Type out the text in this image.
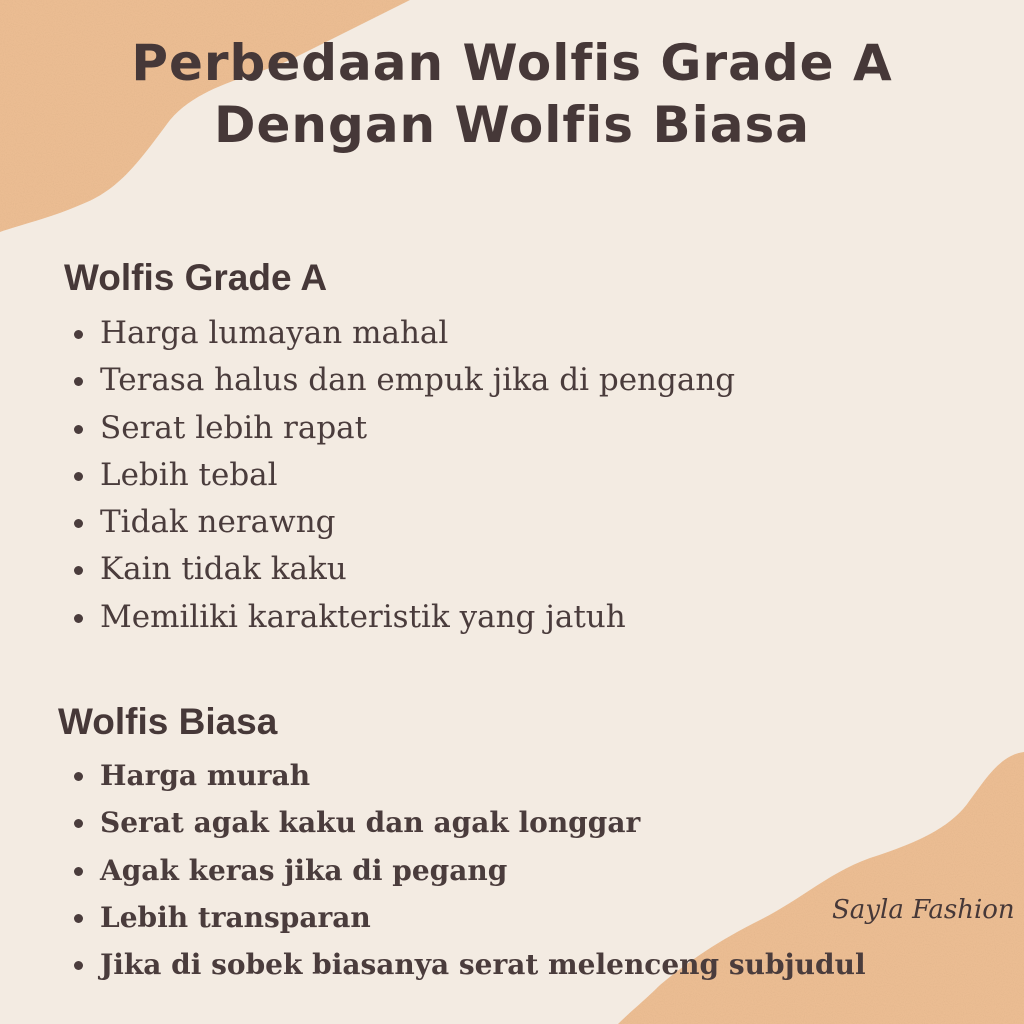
Perbedaan Wolfis Grade A
Dengan Wolfis Biasa
Wolfis Grade A
Harga lumayan mahal
Terasa halus dan empuk jika di pengang
Serat lebih rapat
Lebih tebal
Tidak nerawng
Kain tidak kaku
Memiliki karakteristik yang jatuh
Wolfis Biasa
Harga murah
Serat agak kaku dan agak longgar
Agak keras jika di pegang
Lebih transparan
Jika di sobek biasanya serat melenceng subjudul
Sayla Fashion
